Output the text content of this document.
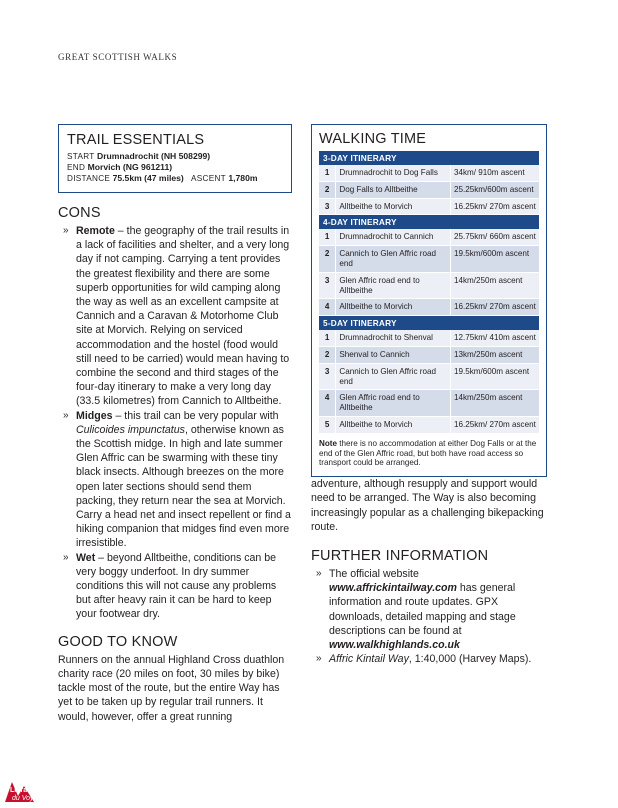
GREAT SCOTTISH WALKS
TRAIL ESSENTIALS
START Drumnadrochit (NH 508299)
END Morvich (NG 961211)
DISTANCE 75.5km (47 miles) ASCENT 1,780m
CONS
» Remote – the geography of the trail results in a lack of facilities and shelter, and a very long day if not camping. Carrying a tent provides the greatest flexibility and there are some superb opportunities for wild camping along the way as well as an excellent campsite at Cannich and a Caravan & Motorhome Club site at Morvich. Relying on serviced accommodation and the hostel (food would still need to be carried) would mean having to combine the second and third stages of the four-day itinerary to make a very long day (33.5 kilometres) from Cannich to Alltbeithe.
» Midges – this trail can be very popular with Culicoides impunctatus, otherwise known as the Scottish midge. In high and late summer Glen Affric can be swarming with these tiny black insects. Although breezes on the more open later sections should send them packing, they return near the sea at Morvich. Carry a head net and insect repellent or find a hiking companion that midges find even more irresistible.
» Wet – beyond Alltbeithe, conditions can be very boggy underfoot. In dry summer conditions this will not cause any problems but after heavy rain it can be hard to keep your footwear dry.
GOOD TO KNOW

Runners on the annual Highland Cross duathlon charity race (20 miles on foot, 30 miles by bike) tackle most of the route, but the entire Way has yet to be taken up by regular trail runners. It would, however, offer a great running

WALKING TIME
3-DAY ITINERARY
1	Drumnadrochit to Dog Falls	34km/ 910m ascent
2	Dog Falls to Alltbeithe	25.25km/600m ascent
3	Alltbeithe to Morvich	16.25km/ 270m ascent
4-DAY ITINERARY
1	Drumnadrochit to Cannich	25.75km/ 660m ascent
2	Cannich to Glen Affric road end	19.5km/600m ascent
3	Glen Affric road end to Alltbeithe	14km/250m ascent
4	Alltbeithe to Morvich	16.25km/ 270m ascent
5-DAY ITINERARY
1	Drumnadrochit to Shenval	12.75km/ 410m ascent
2	Shenval to Cannich	13km/250m ascent
3	Cannich to Glen Affric road end	19.5km/600m ascent
4	Glen Affric road end to Alltbeithe	14km/250m ascent
5	Alltbeithe to Morvich	16.25km/ 270m ascent
Note there is no accommodation at either Dog Falls or at the end of the Glen Affric road, but both have road access so transport could be arranged.

adventure, although resupply and support would need to be arranged. The Way is also becoming increasingly popular as a challenging bikepacking route.

FURTHER INFORMATION
» The official website www.affrickintailway.com has general information and route updates. GPX downloads, detailed mapping and stage descriptions can be found at www.walkhighlands.co.uk
» Affric Kintail Way, 1:40,000 (Harvey Maps).
Librairie
du Voyage
